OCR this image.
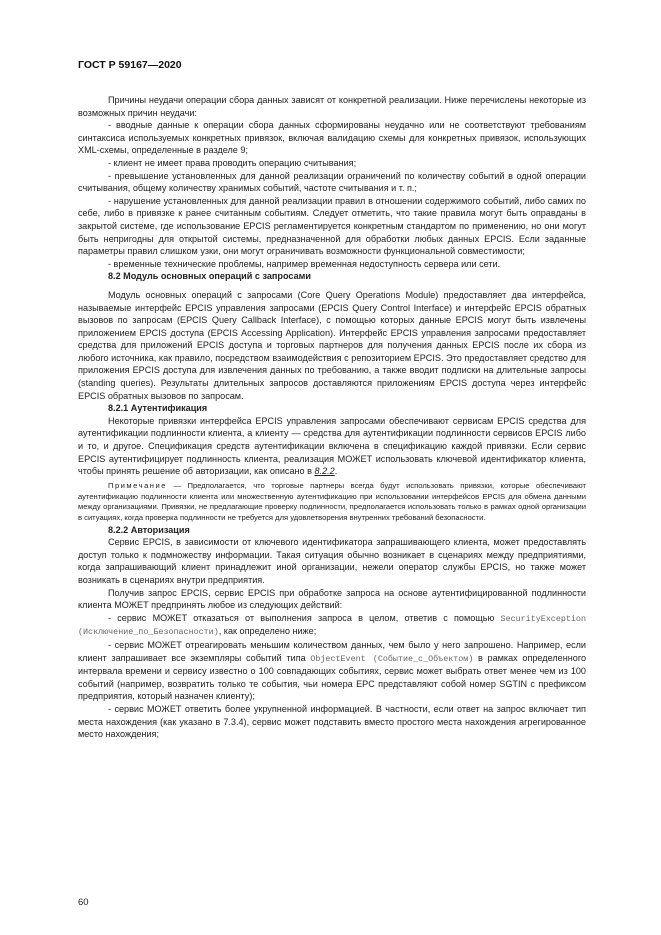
ГОСТ Р 59167—2020

Причины неудачи операции сбора данных зависят от конкретной реализации. Ниже перечислены некоторые из возможных причин неудачи:

- вводные данные к операции сбора данных сформированы неудачно или не соответствуют требованиям синтаксиса используемых конкретных привязок, включая валидацию схемы для конкретных привязок, использующих XML-схемы, определенные в разделе 9;

- клиент не имеет права проводить операцию считывания;

- превышение установленных для данной реализации ограничений по количеству событий в одной операции считывания, общему количеству хранимых событий, частоте считывания и т. п.;

- нарушение установленных для данной реализации правил в отношении содержимого событий, либо самих по себе, либо в привязке к ранее считанным событиям. Следует отметить, что такие правила могут быть оправданы в закрытой системе, где использование EPCIS регламентируется конкретным стандартом по применению, но они могут быть непригодны для открытой системы, предназначенной для обработки любых данных EPCIS. Если заданные параметры правил слишком узки, они могут ограничивать возможности функциональной совместимости;

- временные технические проблемы, например временная недоступность сервера или сети.

8.2 Модуль основных операций с запросами

Модуль основных операций с запросами (Core Query Operations Module) предоставляет два интерфейса, называемые интерфейс EPCIS управления запросами (EPCIS Query Control Interface) и интерфейс EPCIS обратных вызовов по запросам (EPCIS Query Callback Interface), с помощью которых данные EPCIS могут быть извлечены приложением EPCIS доступа (EPCIS Accessing Application). Интерфейс EPCIS управления запросами предоставляет средства для приложений EPCIS доступа и торговых партнеров для получения данных EPCIS после их сбора из любого источника, как правило, посредством взаимодействия с репозиторием EPCIS. Это предоставляет средство для приложения EPCIS доступа для извлечения данных по требованию, а также вводит подписки на длительные запросы (standing queries). Результаты длительных запросов доставляются приложениям EPCIS доступа через интерфейс EPCIS обратных вызовов по запросам.

8.2.1 Аутентификация

Некоторые привязки интерфейса EPCIS управления запросами обеспечивают сервисам EPCIS средства для аутентификации подлинности клиента, а клиенту — средства для аутентификации подлинности сервисов EPCIS либо и то, и другое. Спецификация средств аутентификации включена в спецификацию каждой привязки. Если сервис EPCIS аутентифицирует подлинность клиента, реализация МОЖЕТ использовать ключевой идентификатор клиента, чтобы принять решение об авторизации, как описано в 8.2.2.

Примечание — Предполагается, что торговые партнеры всегда будут использовать привязки, которые обеспечивают аутентификацию подлинности клиента или множественную аутентификацию при использовании интерфейсов EPCIS для обмена данными между организациями. Привязки, не предлагающие проверку подлинности, предполагается использовать только в рамках одной организации в ситуациях, когда проверка подлинности не требуется для удовлетворения внутренних требований безопасности.

8.2.2 Авторизация

Сервис EPCIS, в зависимости от ключевого идентификатора запрашивающего клиента, может предоставлять доступ только к подмножеству информации. Такая ситуация обычно возникает в сценариях между предприятиями, когда запрашивающий клиент принадлежит иной организации, нежели оператор службы EPCIS, но также может возникать в сценариях внутри предприятия.

Получив запрос EPCIS, сервис EPCIS при обработке запроса на основе аутентифицированной подлинности клиента МОЖЕТ предпринять любое из следующих действий:

- сервис МОЖЕТ отказаться от выполнения запроса в целом, ответив с помощью SecurityException (Исключение_по_Безопасности), как определено ниже;

- сервис МОЖЕТ отреагировать меньшим количеством данных, чем было у него запрошено. Например, если клиент запрашивает все экземпляры событий типа ObjectEvent (Событие_с_Объектом) в рамках определенного интервала времени и сервису известно о 100 совпадающих событиях, сервис может выбрать ответ менее чем из 100 событий (например, возвратить только те события, чьи номера EPC представляют собой номер SGTIN с префиксом предприятия, который назначен клиенту);

- сервис МОЖЕТ ответить более укрупненной информацией. В частности, если ответ на запрос включает тип места нахождения (как указано в 7.3.4), сервис может подставить вместо простого места нахождения агрегированное место нахождения;

60
